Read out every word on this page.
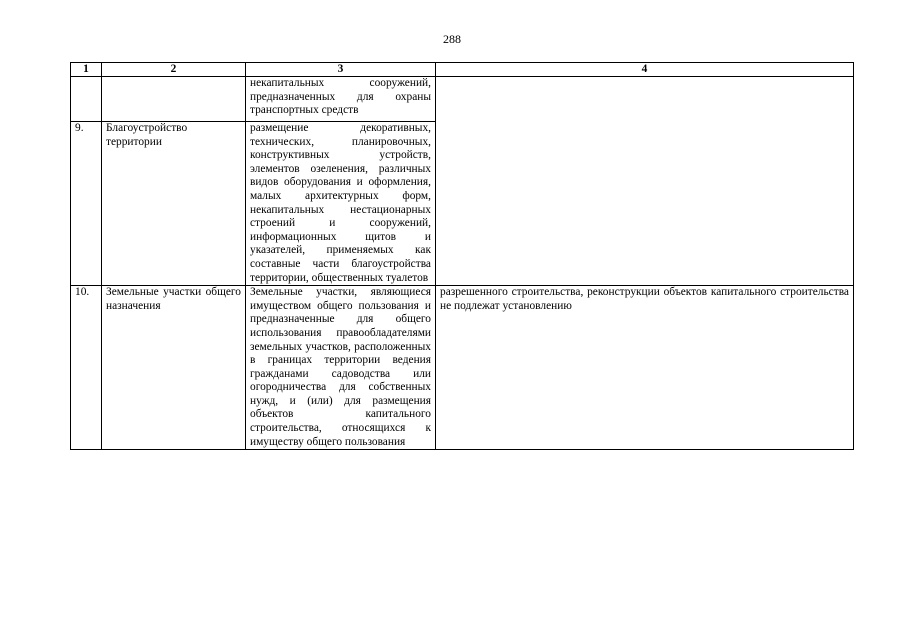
288
1	2	3	4
		некапитальных сооружений, предназначенных для охраны транспортных средств	
9.	Благоустройство территории	размещение декоративных, технических, планировочных, конструктивных устройств, элементов озеленения, различных видов оборудования и оформления, малых архитектурных форм, некапитальных нестационарных строений и сооружений, информационных щитов и указателей, применяемых как составные части благоустройства территории, общественных туалетов	
10.	Земельные участки общего назначения	Земельные участки, являющиеся имуществом общего пользования и предназначенные для общего использования правообладателями земельных участков, расположенных в границах территории ведения гражданами садоводства или огородничества для собственных нужд, и (или) для размещения объектов капитального строительства, относящихся к имуществу общего пользования	разрешенного строительства, реконструкции объектов капитального строительства не подлежат установлению
